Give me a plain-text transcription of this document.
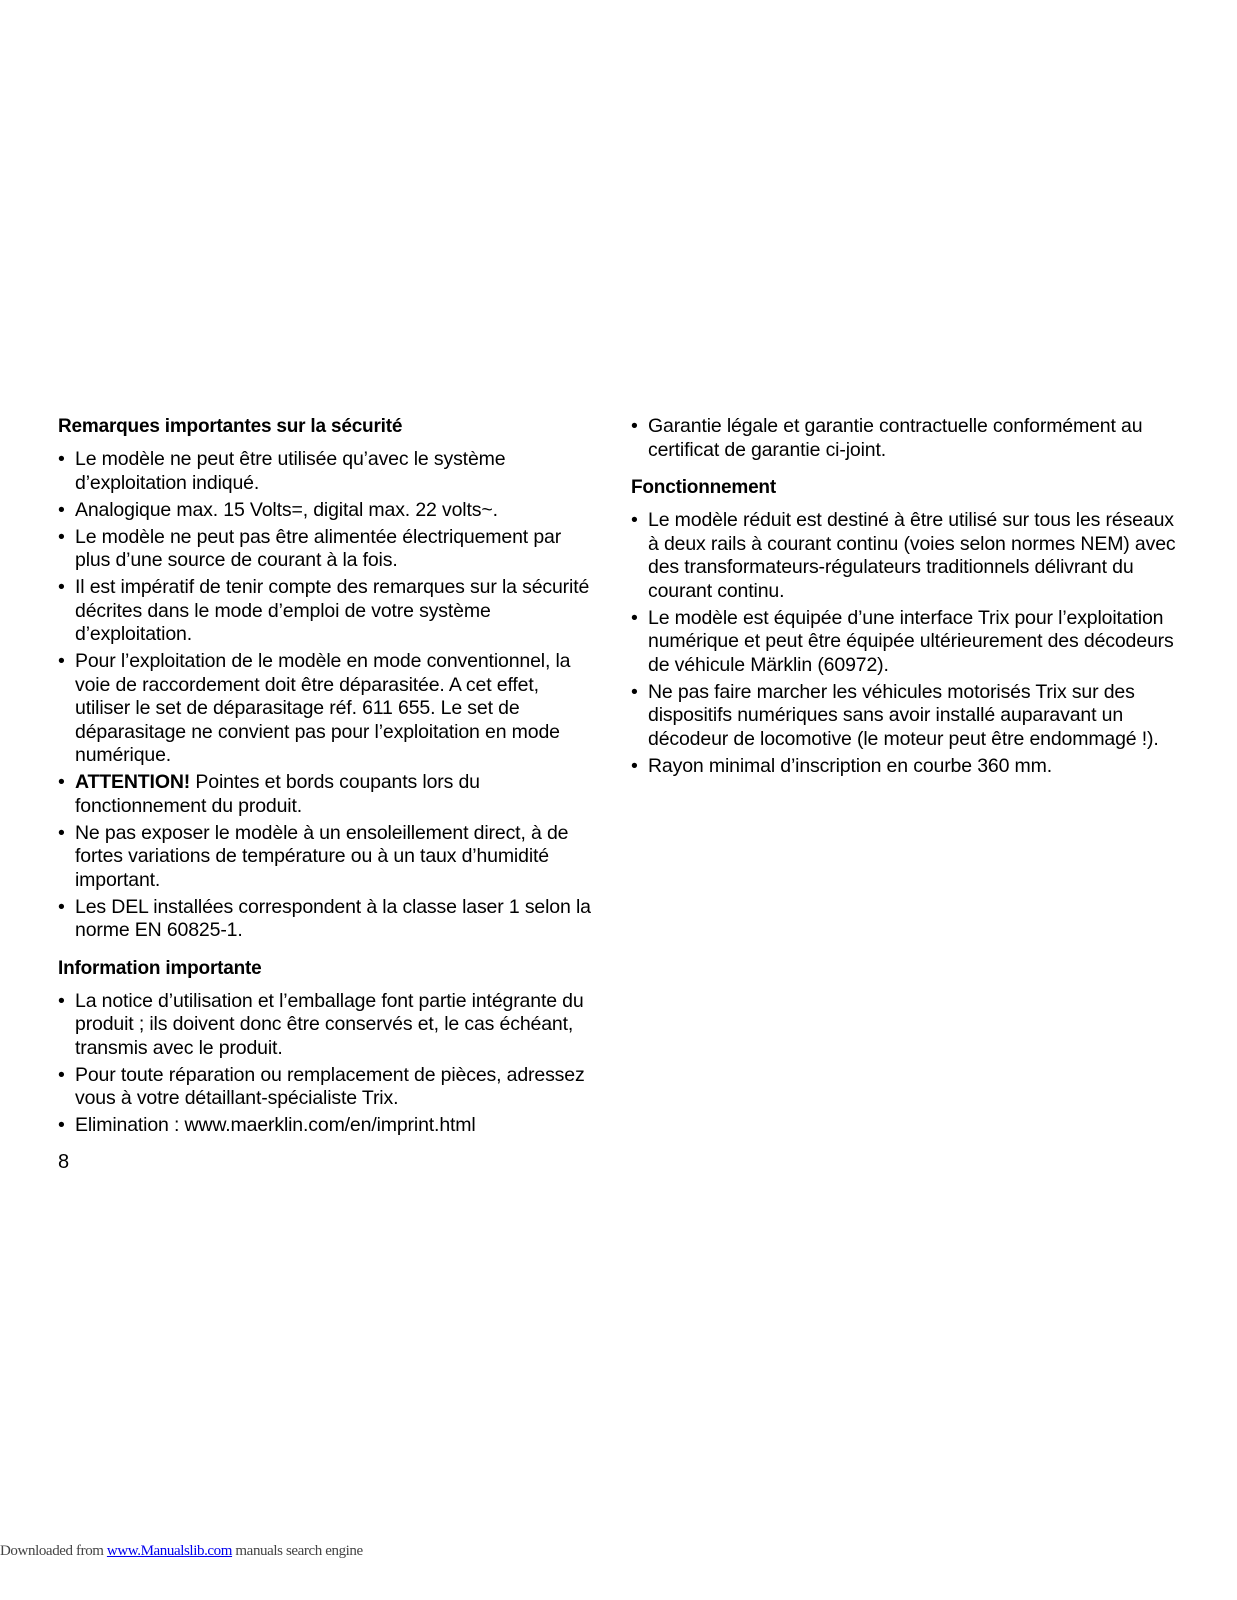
Remarques importantes sur la sécurité
• Le modèle ne peut être utilisée qu’avec le système d’exploitation indiqué.
• Analogique max. 15 Volts=, digital max. 22 volts~.
• Le modèle ne peut pas être alimentée électriquement par plus d’une source de courant à la fois.
• Il est impératif de tenir compte des remarques sur la sécurité décrites dans le mode d’emploi de votre système d’exploitation.
• Pour l’exploitation de le modèle en mode conventionnel, la voie de raccordement doit être déparasitée. A cet effet, utiliser le set de déparasitage réf. 611 655. Le set de déparasitage ne convient pas pour l’exploitation en mode numérique.
• ATTENTION! Pointes et bords coupants lors du fonctionnement du produit.
• Ne pas exposer le modèle à un ensoleillement direct, à de fortes variations de température ou à un taux d’humidité important.
• Les DEL installées correspondent à la classe laser 1 selon la norme EN 60825-1.
Information importante
• La notice d’utilisation et l’emballage font partie intégrante du produit ; ils doivent donc être conservés et, le cas échéant, transmis avec le produit.
• Pour toute réparation ou remplacement de pièces, adressez vous à votre détaillant-spécialiste Trix.
• Elimination : www.maerklin.com/en/imprint.html
• Garantie légale et garantie contractuelle conformément au certificat de garantie ci-joint.
Fonctionnement
• Le modèle réduit est destiné à être utilisé sur tous les réseaux à deux rails à courant continu (voies selon normes NEM) avec des transformateurs-régulateurs traditionnels délivrant du courant continu.
• Le modèle est équipée d’une interface Trix pour l’exploitation numérique et peut être équipée ultérieurement des décodeurs de véhicule Märklin (60972).
• Ne pas faire marcher les véhicules motorisés Trix sur des dispositifs numériques sans avoir installé auparavant un décodeur de locomotive (le moteur peut être endommagé !).
• Rayon minimal d’inscription en courbe 360 mm.
8
Downloaded from www.Manualslib.com manuals search engine
